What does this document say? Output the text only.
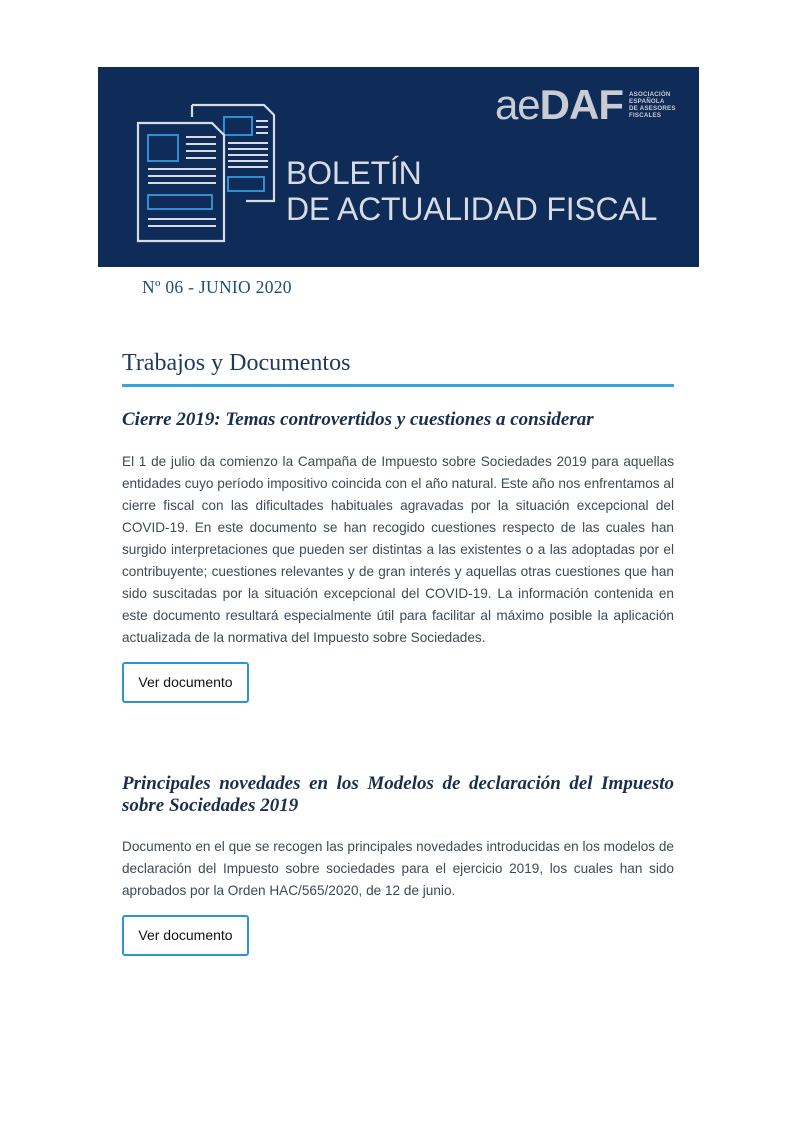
aeDAF ASOCIACIÓN
ESPAÑOLA
DE ASESORES
FISCALES
BOLETÍN
DE ACTUALIDAD FISCAL
Nº 06 - JUNIO 2020
Trabajos y Documentos
Cierre 2019: Temas controvertidos y cuestiones a considerar

El 1 de julio da comienzo la Campaña de Impuesto sobre Sociedades 2019 para aquellas entidades cuyo período impositivo coincida con el año natural. Este año nos enfrentamos al cierre fiscal con las dificultades habituales agravadas por la situación excepcional del COVID-19. En este documento se han recogido cuestiones respecto de las cuales han surgido interpretaciones que pueden ser distintas a las existentes o a las adoptadas por el contribuyente; cuestiones relevantes y de gran interés y aquellas otras cuestiones que han sido suscitadas por la situación excepcional del COVID-19. La información contenida en este documento resultará especialmente útil para facilitar al máximo posible la aplicación actualizada de la normativa del Impuesto sobre Sociedades.

Ver documento
Principales novedades en los Modelos de declaración del Impuesto sobre Sociedades 2019

Documento en el que se recogen las principales novedades introducidas en los modelos de declaración del Impuesto sobre sociedades para el ejercicio 2019, los cuales han sido aprobados por la Orden HAC/565/2020, de 12 de junio.

Ver documento
